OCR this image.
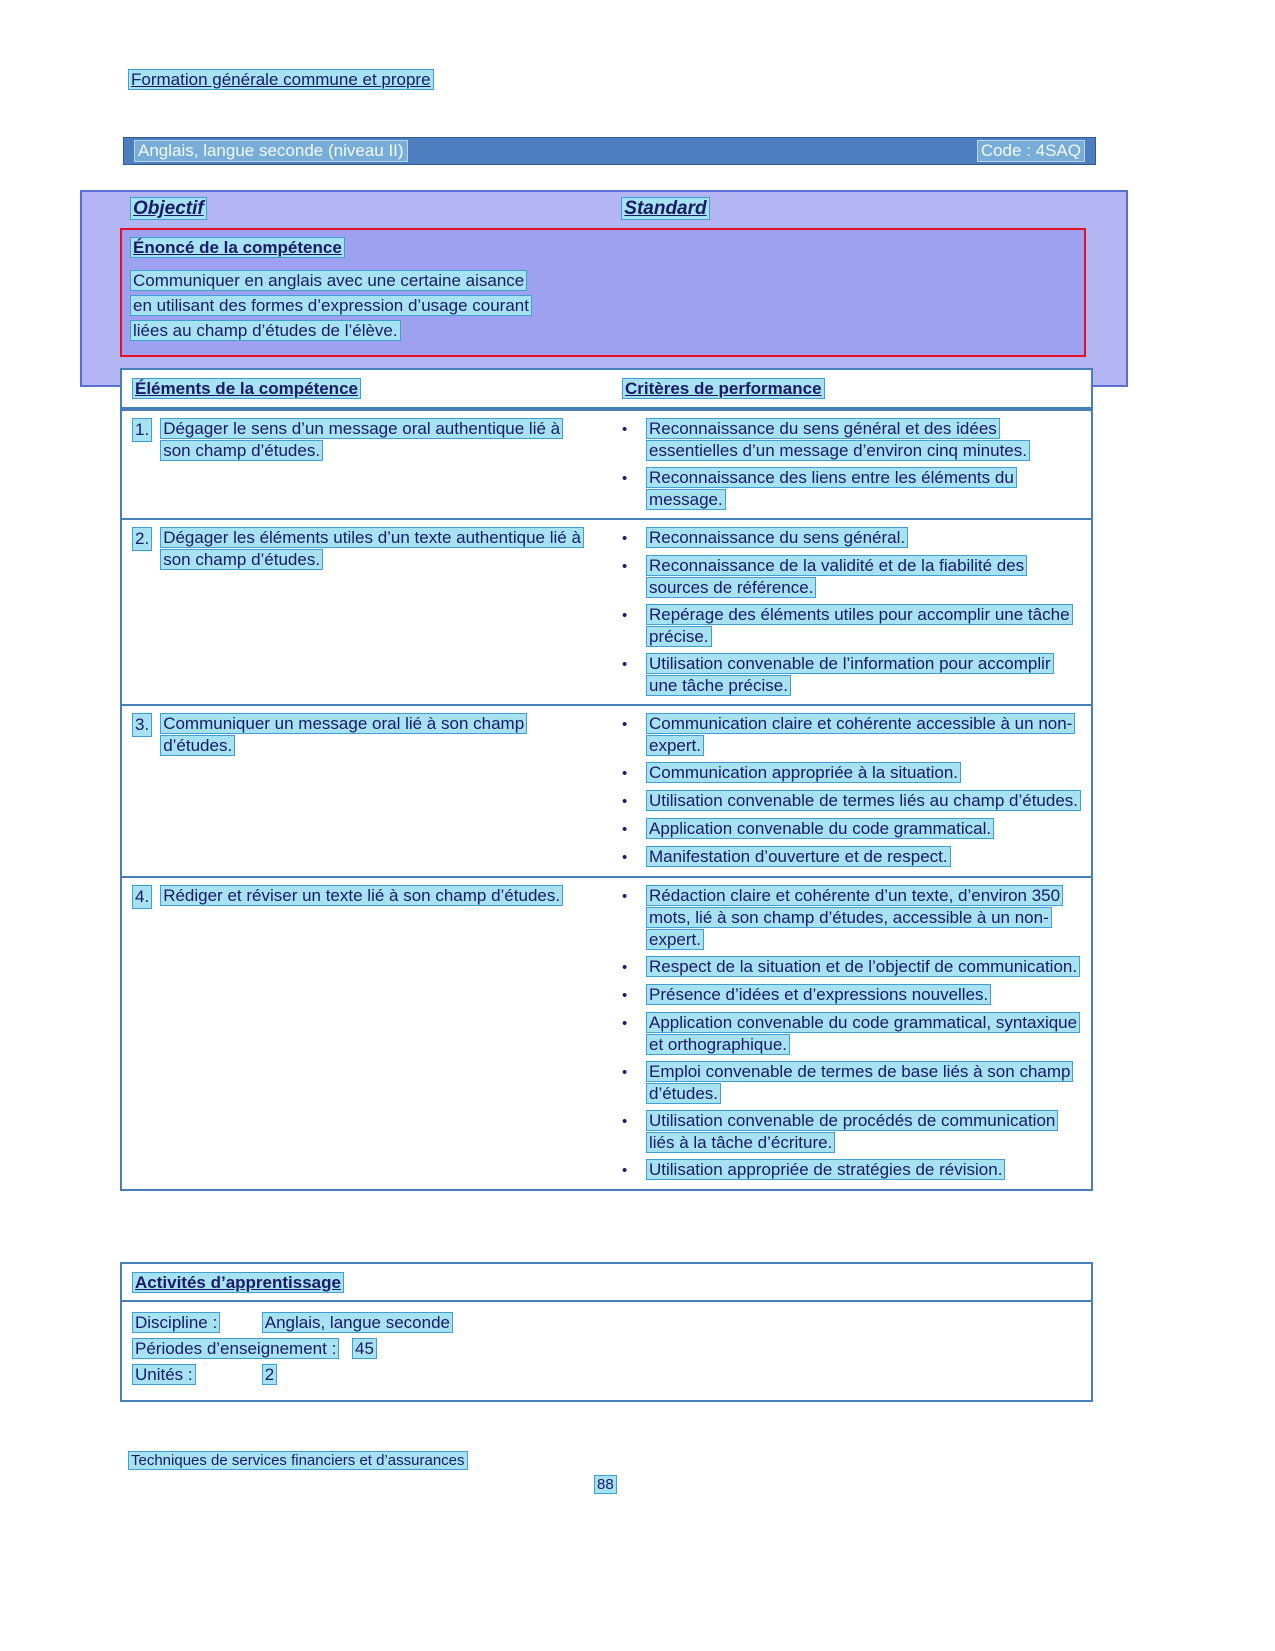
Formation générale commune et propre
Anglais, langue seconde (niveau II)	Code : 4SAQ
Objectif	Standard
Énoncé de la compétence
Communiquer en anglais avec une certaine aisance
en utilisant des formes d’expression d’usage courant
liées au champ d’études de l’élève.
Éléments de la compétence	Critères de performance
1. Dégager le sens d’un message oral authentique lié à son champ d’études.
•	Reconnaissance du sens général et des idées essentielles d’un message d’environ cinq minutes.
•	Reconnaissance des liens entre les éléments du message.
2. Dégager les éléments utiles d’un texte authentique lié à son champ d’études.
•	Reconnaissance du sens général.
•	Reconnaissance de la validité et de la fiabilité des sources de référence.
•	Repérage des éléments utiles pour accomplir une tâche précise.
•	Utilisation convenable de l’information pour accomplir une tâche précise.
3. Communiquer un message oral lié à son champ d’études.
•	Communication claire et cohérente accessible à un non-expert.
•	Communication appropriée à la situation.
•	Utilisation convenable de termes liés au champ d’études.
•	Application convenable du code grammatical.
•	Manifestation d’ouverture et de respect.
4. Rédiger et réviser un texte lié à son champ d’études.	•	Rédaction claire et cohérente d’un texte, d’environ 350 mots, lié à son champ d’études, accessible à un non-expert.
•	Respect de la situation et de l’objectif de communication.
•	Présence d’idées et d’expressions nouvelles.
•	Application convenable du code grammatical, syntaxique et orthographique.
•	Emploi convenable de termes de base liés à son champ d’études.
•	Utilisation convenable de procédés de communication liés à la tâche d’écriture.
•	Utilisation appropriée de stratégies de révision.
Activités d’apprentissage
Discipline :	Anglais, langue seconde
Périodes d’enseignement : 45
Unités :	2
Techniques de services financiers et d’assurances
88
